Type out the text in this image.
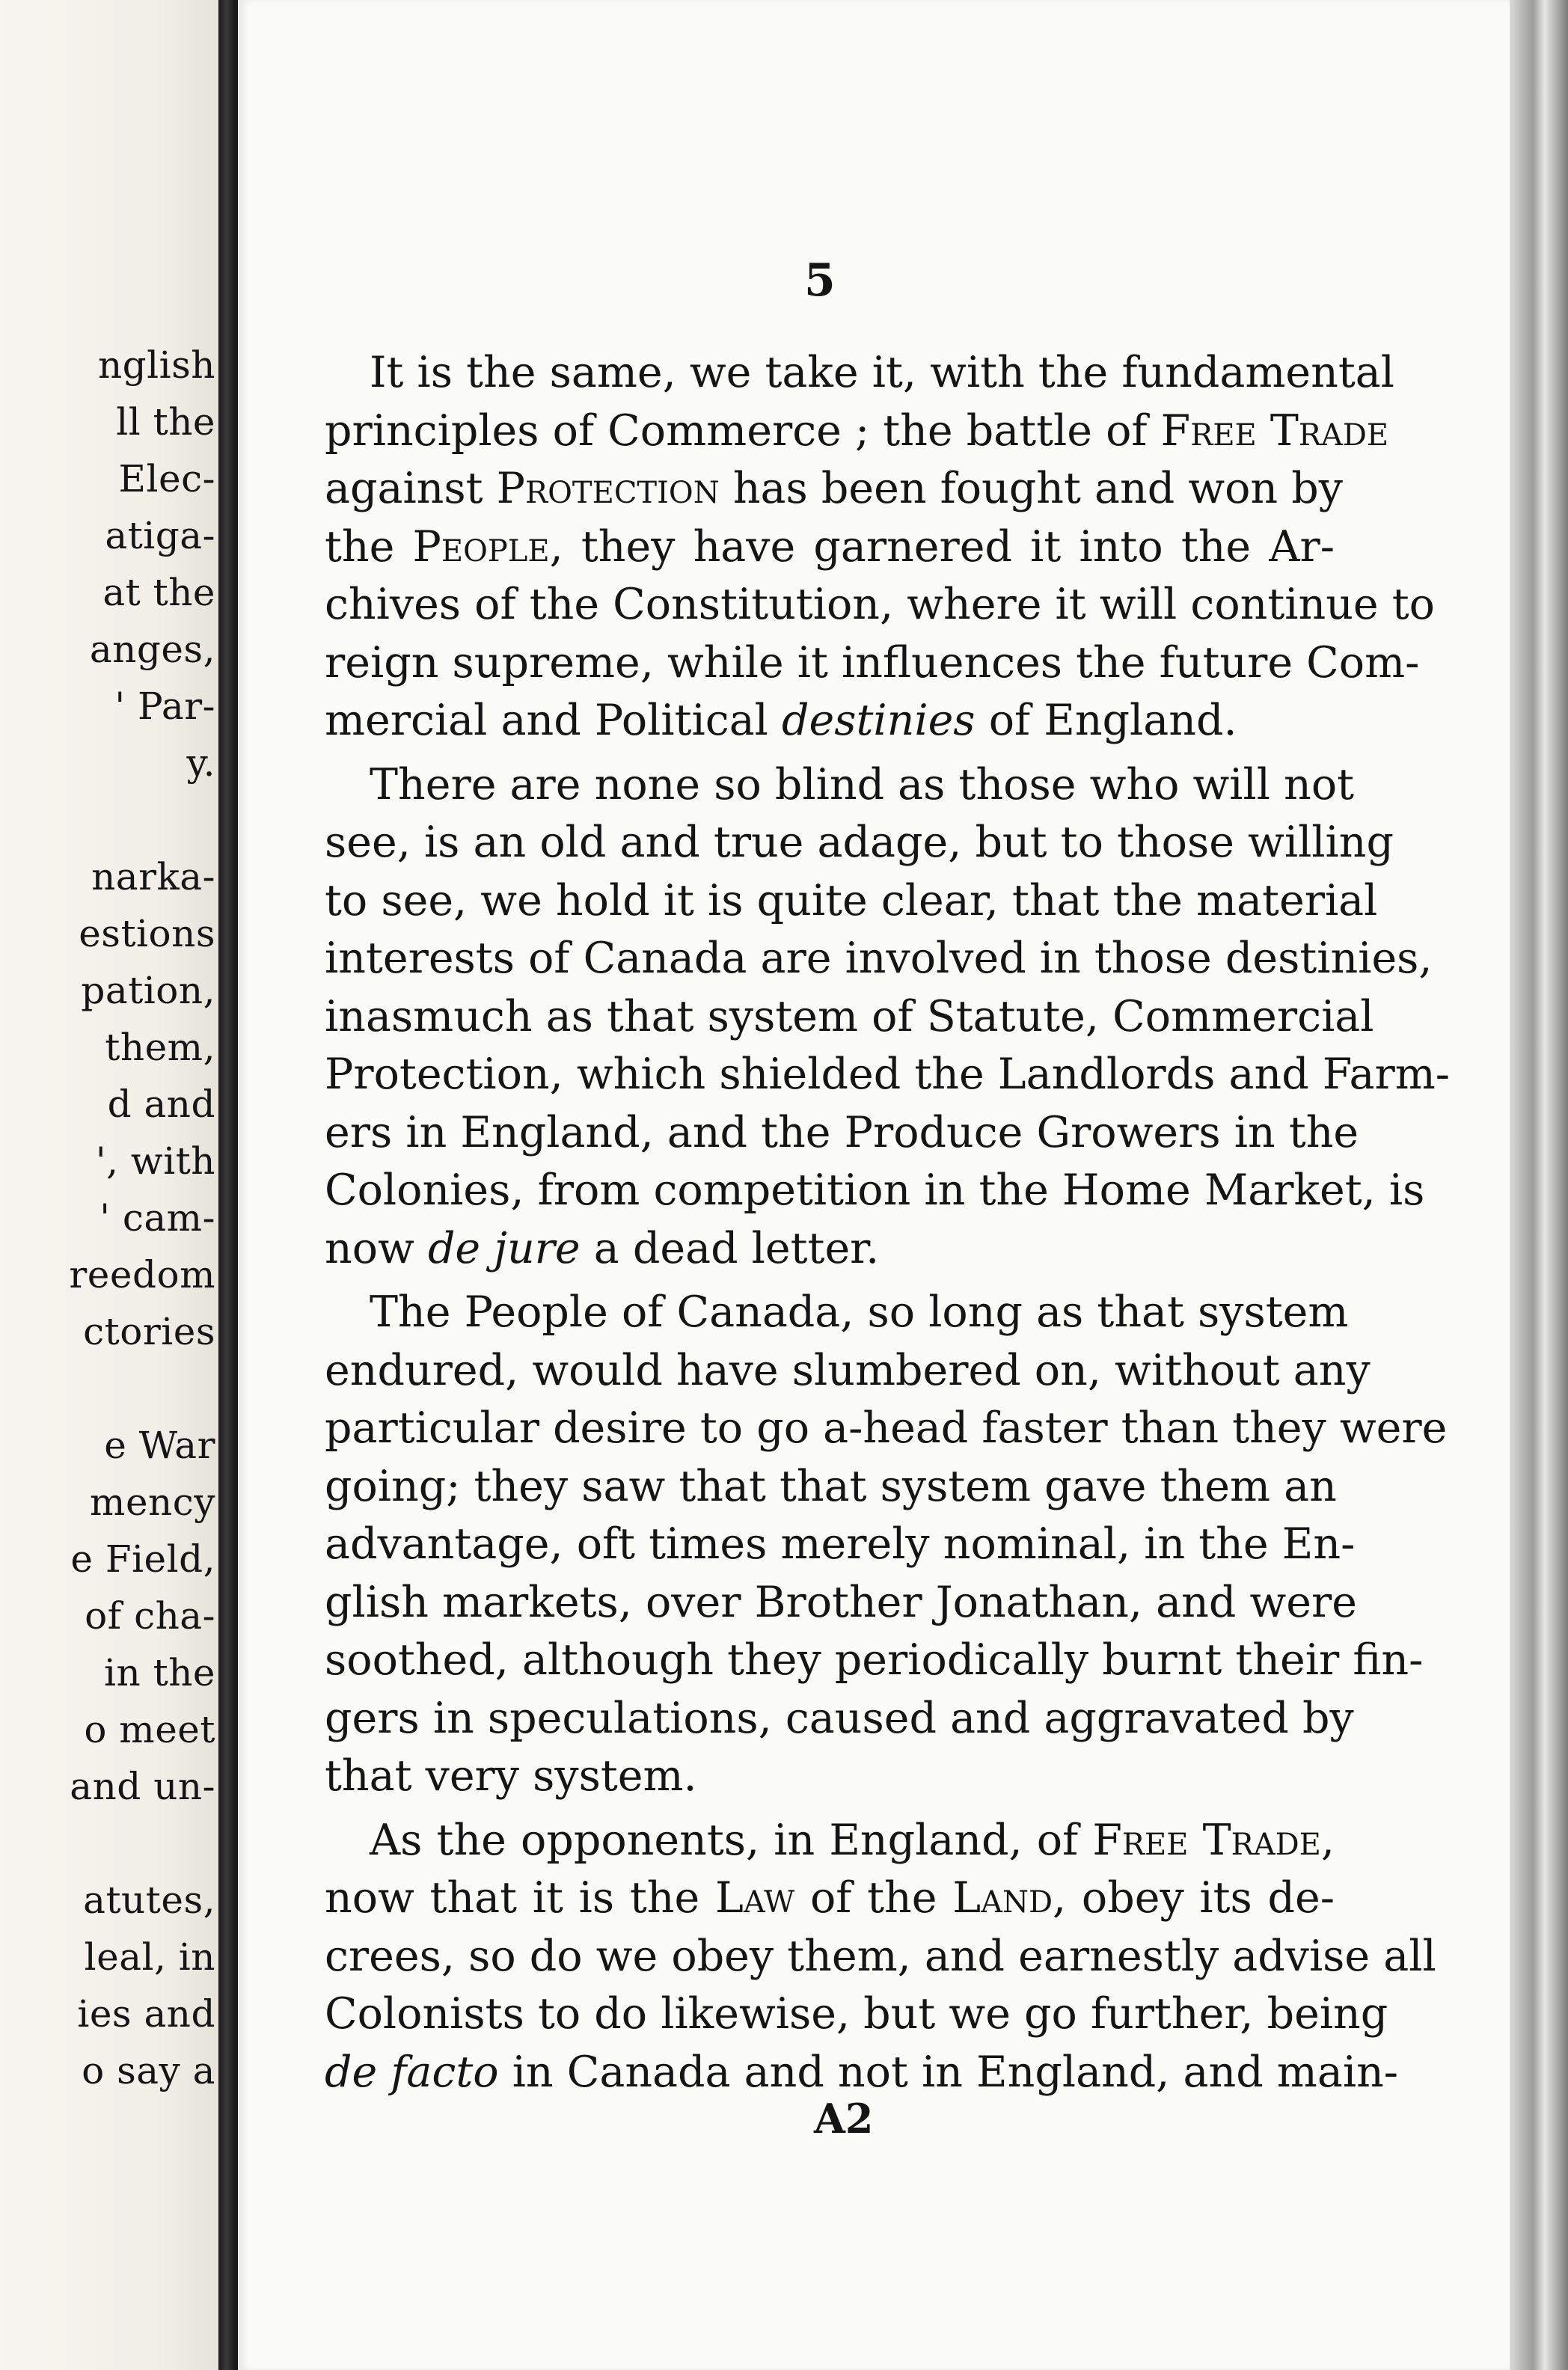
nglish
ll the
Elec-
atiga-
at the
anges,
' Par-
y.
narka-
estions
pation,
them,
d and
', with
' cam-
reedom
ctories
e War
mency
e Field,
of cha-
in the
o meet
and un-
atutes,
leal, in
ies and
o say a
5
It is the same, we take it, with the fundamental
principles of Commerce ; the battle of Free Trade
against Protection has been fought and won by
the People, they have garnered it into the Ar-
chives of the Constitution, where it will continue to
reign supreme, while it influences the future Com-
mercial and Political destinies of England.
There are none so blind as those who will not
see, is an old and true adage, but to those willing
to see, we hold it is quite clear, that the material
interests of Canada are involved in those destinies,
inasmuch as that system of Statute, Commercial
Protection, which shielded the Landlords and Farm-
ers in England, and the Produce Growers in the
Colonies, from competition in the Home Market, is
now de jure a dead letter.
The People of Canada, so long as that system
endured, would have slumbered on, without any
particular desire to go a-head faster than they were
going; they saw that that system gave them an
advantage, oft times merely nominal, in the En-
glish markets, over Brother Jonathan, and were
soothed, although they periodically burnt their fin-
gers in speculations, caused and aggravated by
that very system.
As the opponents, in England, of Free Trade,
now that it is the Law of the Land, obey its de-
crees, so do we obey them, and earnestly advise all
Colonists to do likewise, but we go further, being
de facto in Canada and not in England, and main-
A2
